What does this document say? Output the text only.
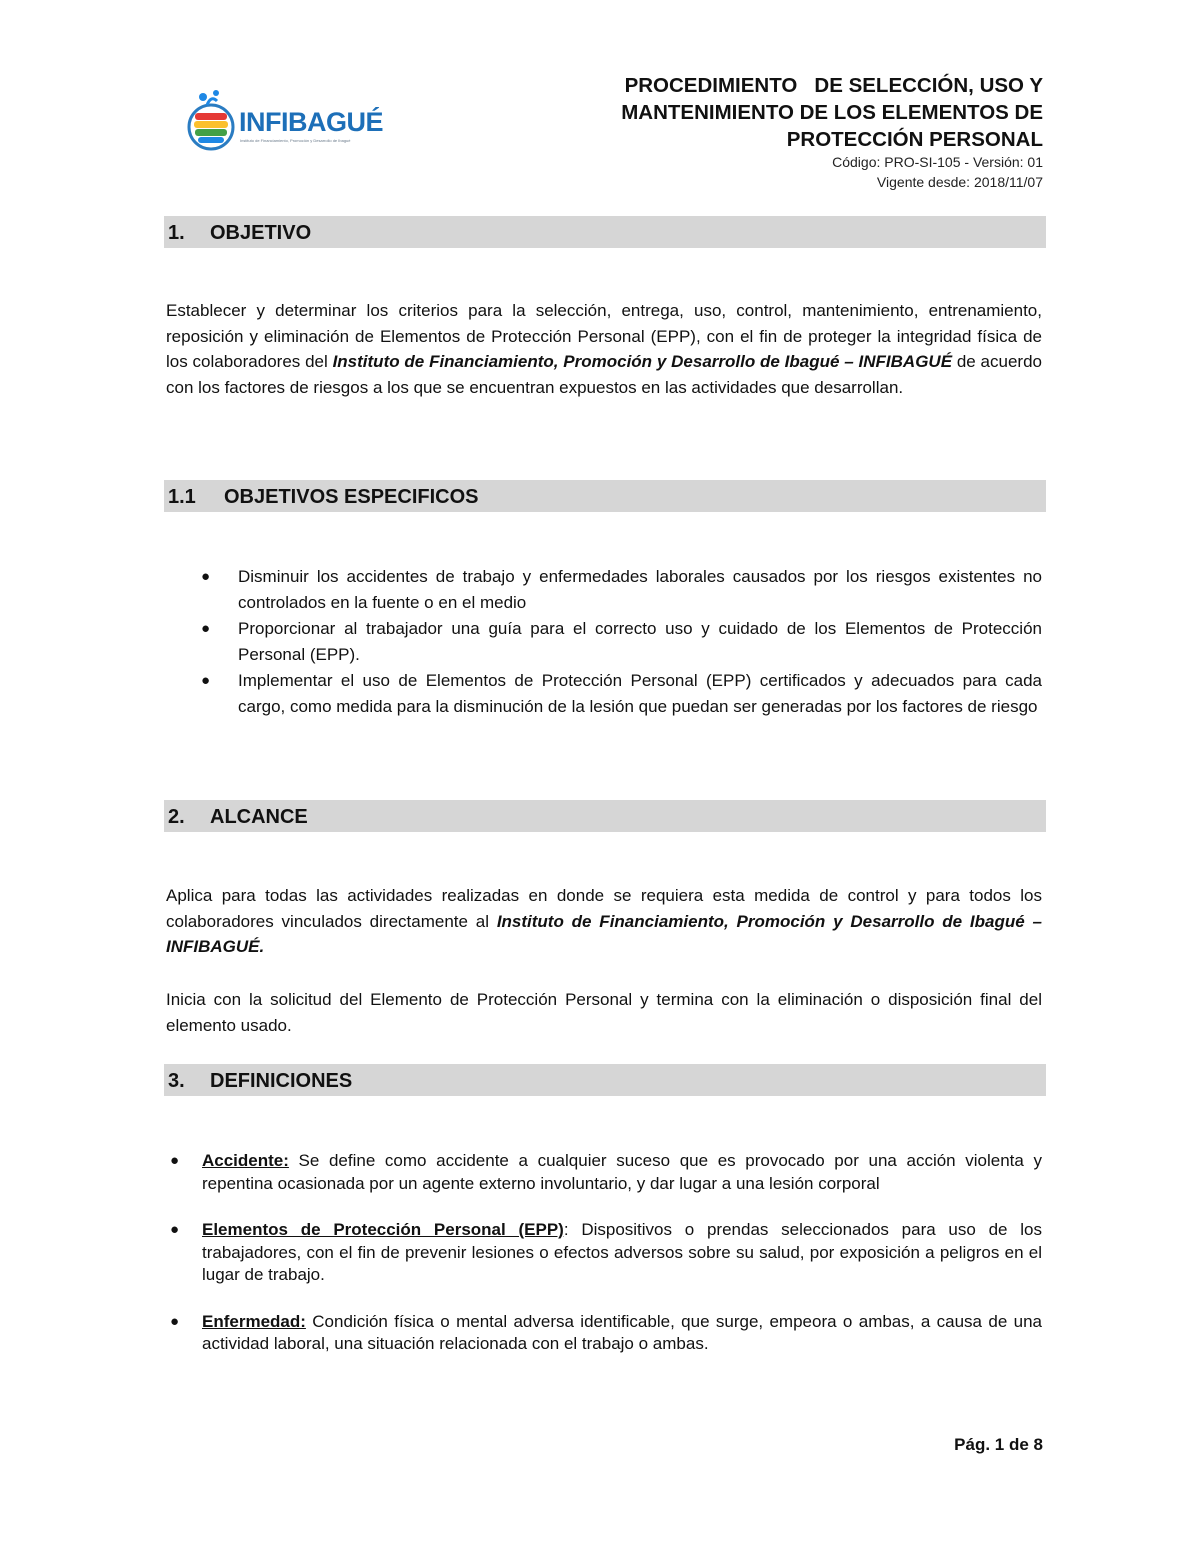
INFIBAGUÉ
Instituto de Financiamiento, Promoción y Desarrollo de Ibagué
PROCEDIMIENTO   DE SELECCIÓN, USO Y
MANTENIMIENTO DE LOS ELEMENTOS DE
PROTECCIÓN PERSONAL
Código: PRO-SI-105 - Versión: 01
Vigente desde: 2018/11/07
1. OBJETIVO
Establecer y determinar los criterios para la selección, entrega, uso, control, mantenimiento, entrenamiento, reposición y eliminación de Elementos de Protección Personal (EPP), con el fin de proteger la integridad física de los colaboradores del Instituto de Financiamiento, Promoción y Desarrollo de Ibagué – INFIBAGUÉ de acuerdo con los factores de riesgos a los que se encuentran expuestos en las actividades que desarrollan.
1.1 OBJETIVOS ESPECIFICOS
● Disminuir los accidentes de trabajo y enfermedades laborales causados por los riesgos existentes no controlados en la fuente o en el medio
● Proporcionar al trabajador una guía para el correcto uso y cuidado de los Elementos de Protección Personal (EPP).
● Implementar el uso de Elementos de Protección Personal (EPP) certificados y adecuados para cada cargo, como medida para la disminución de la lesión que puedan ser generadas por los factores de riesgo
2. ALCANCE
Aplica para todas las actividades realizadas en donde se requiera esta medida de control y para todos los colaboradores vinculados directamente al Instituto de Financiamiento, Promoción y Desarrollo de Ibagué – INFIBAGUÉ.
Inicia con la solicitud del Elemento de Protección Personal y termina con la eliminación o disposición final del elemento usado.
3. DEFINICIONES
● Accidente: Se define como accidente a cualquier suceso que es provocado por una acción violenta y repentina ocasionada por un agente externo involuntario, y dar lugar a una lesión corporal
● Elementos de Protección Personal (EPP): Dispositivos o prendas seleccionados para uso de los trabajadores, con el fin de prevenir lesiones o efectos adversos sobre su salud, por exposición a peligros en el lugar de trabajo.
● Enfermedad: Condición física o mental adversa identificable, que surge, empeora o ambas, a causa de una actividad laboral, una situación relacionada con el trabajo o ambas.
Pág. 1 de 8
